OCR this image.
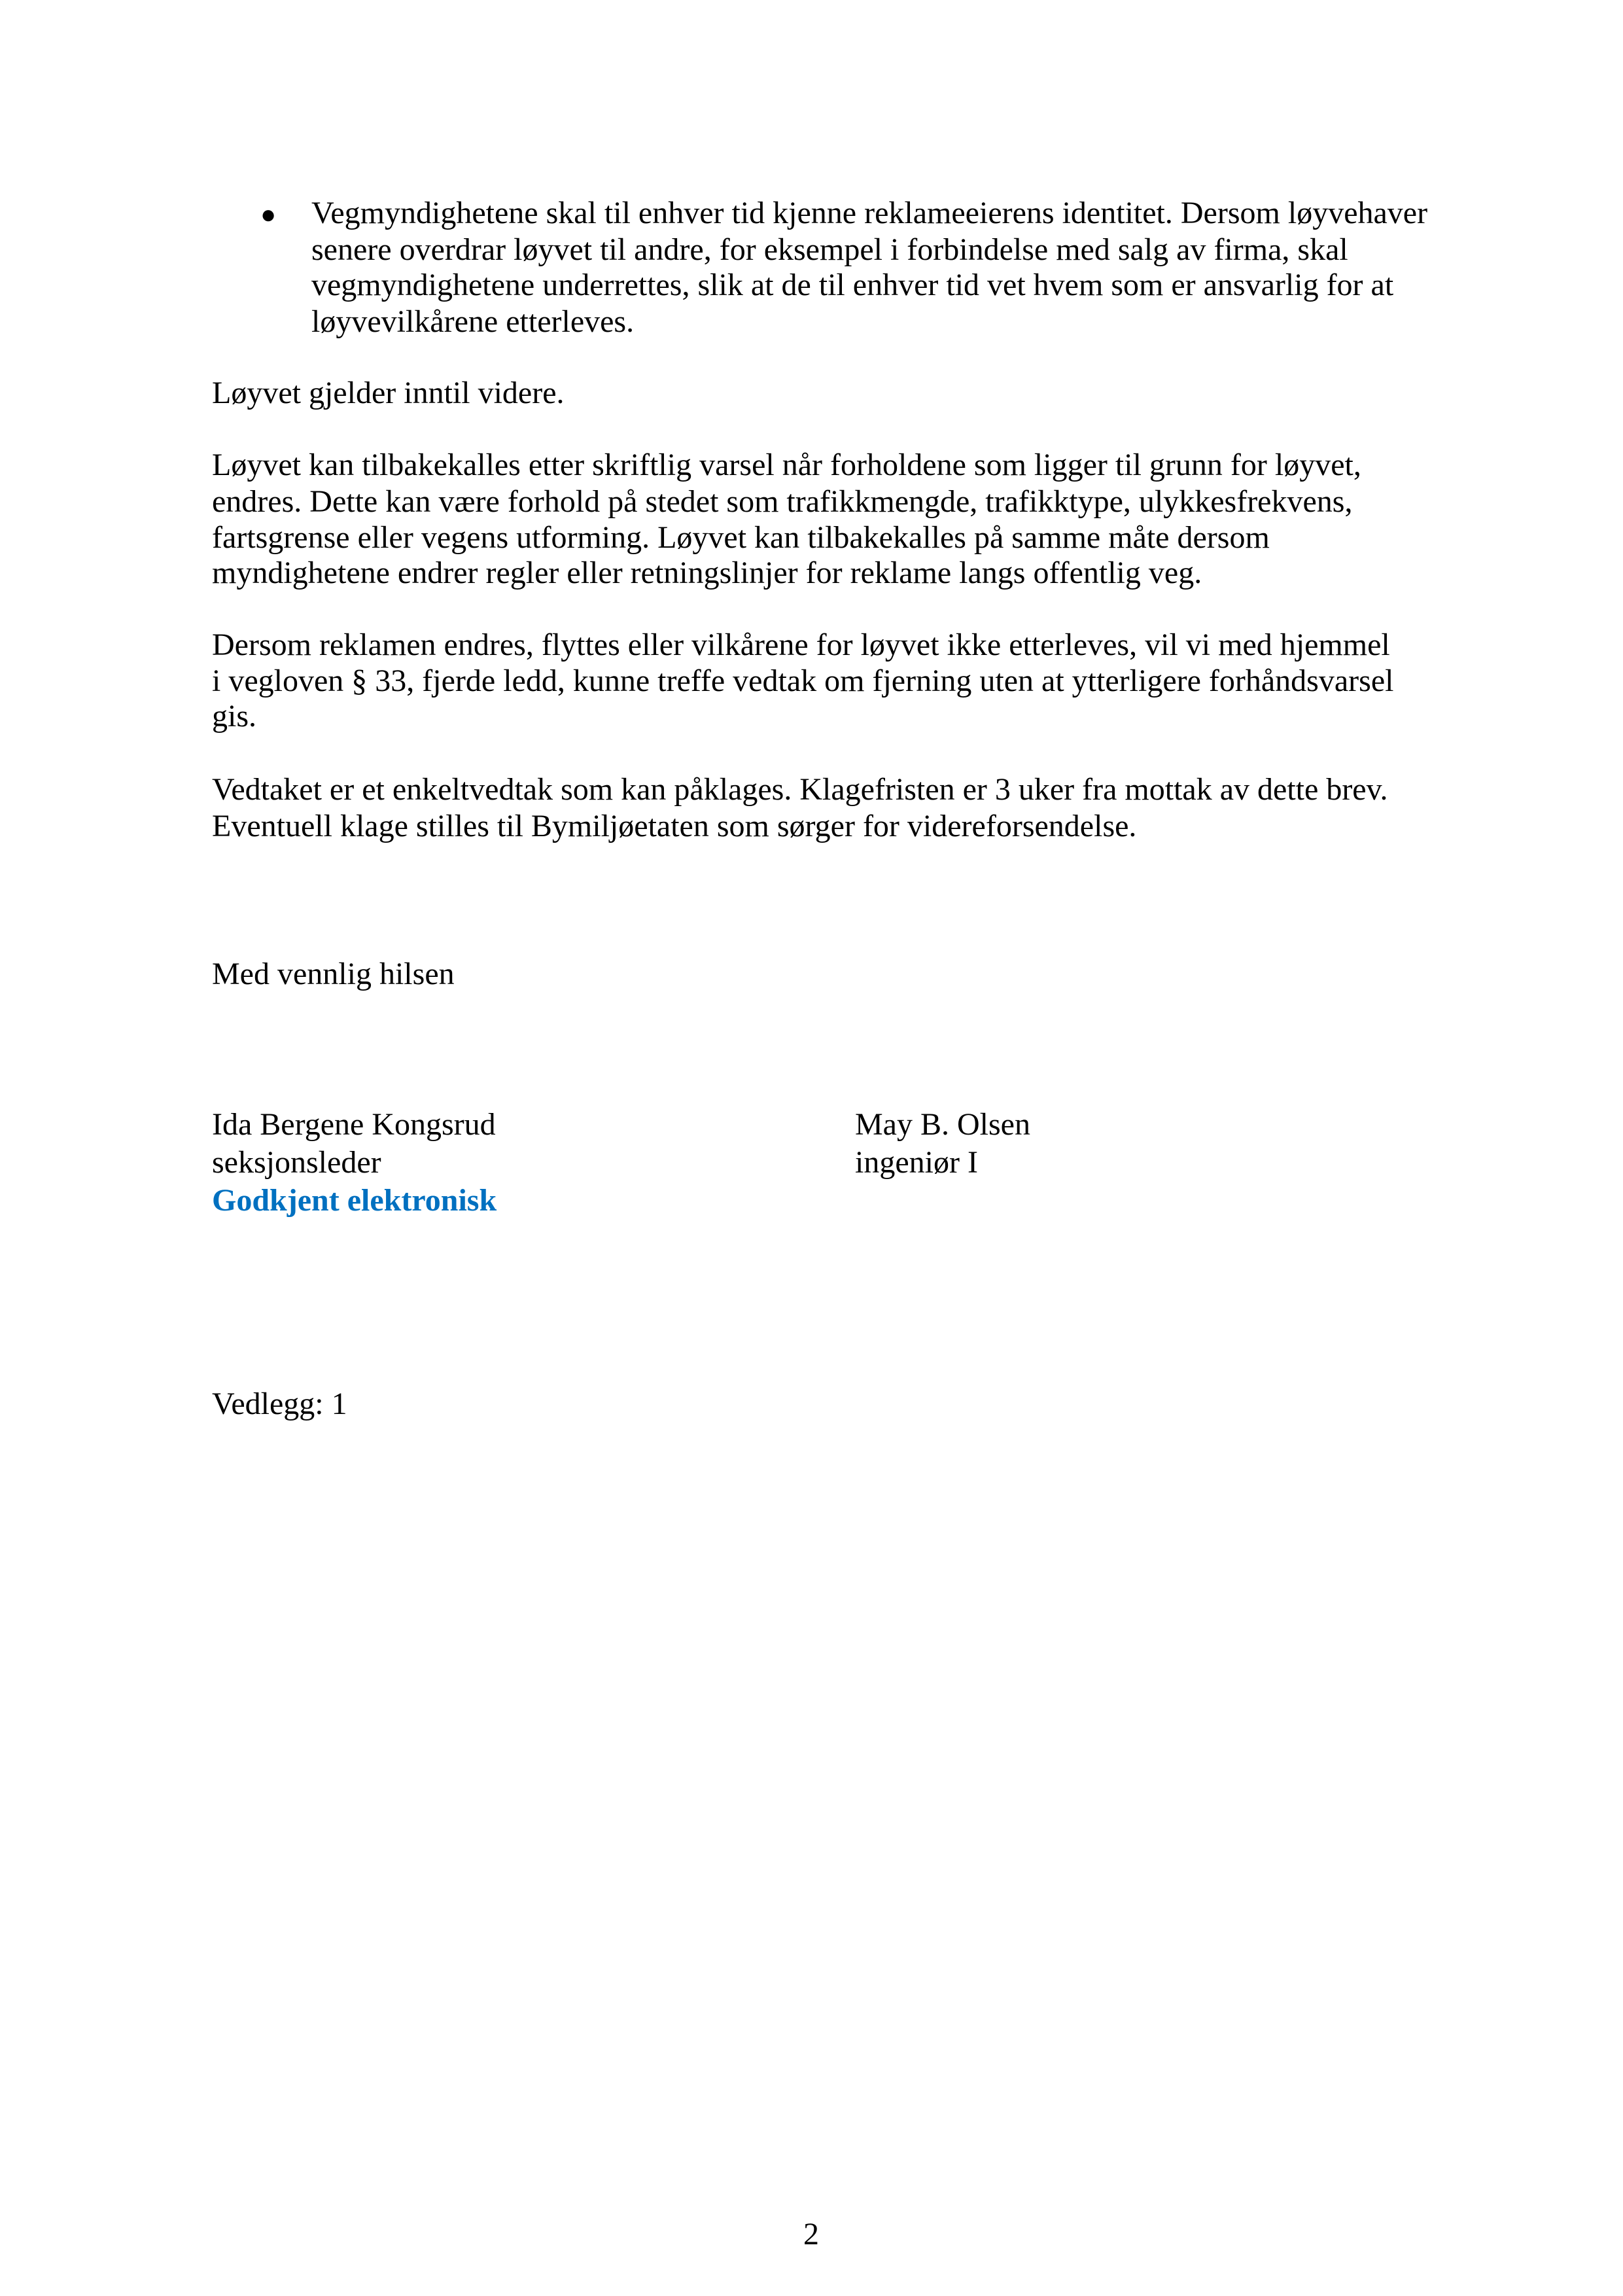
● Vegmyndighetene skal til enhver tid kjenne reklameeierens identitet. Dersom løyvehaver
senere overdrar løyvet til andre, for eksempel i forbindelse med salg av firma, skal
vegmyndighetene underrettes, slik at de til enhver tid vet hvem som er ansvarlig for at
løyvevilkårene etterleves.
Løyvet gjelder inntil videre.
Løyvet kan tilbakekalles etter skriftlig varsel når forholdene som ligger til grunn for løyvet,
endres. Dette kan være forhold på stedet som trafikkmengde, trafikktype, ulykkesfrekvens,
fartsgrense eller vegens utforming. Løyvet kan tilbakekalles på samme måte dersom
myndighetene endrer regler eller retningslinjer for reklame langs offentlig veg.
Dersom reklamen endres, flyttes eller vilkårene for løyvet ikke etterleves, vil vi med hjemmel
i vegloven § 33, fjerde ledd, kunne treffe vedtak om fjerning uten at ytterligere forhåndsvarsel
gis.
Vedtaket er et enkeltvedtak som kan påklages. Klagefristen er 3 uker fra mottak av dette brev.
Eventuell klage stilles til Bymiljøetaten som sørger for videreforsendelse.
Med vennlig hilsen
Ida Bergene Kongsrud
seksjonsleder
Godkjent elektronisk
May B. Olsen
ingeniør I
Vedlegg: 1
2
